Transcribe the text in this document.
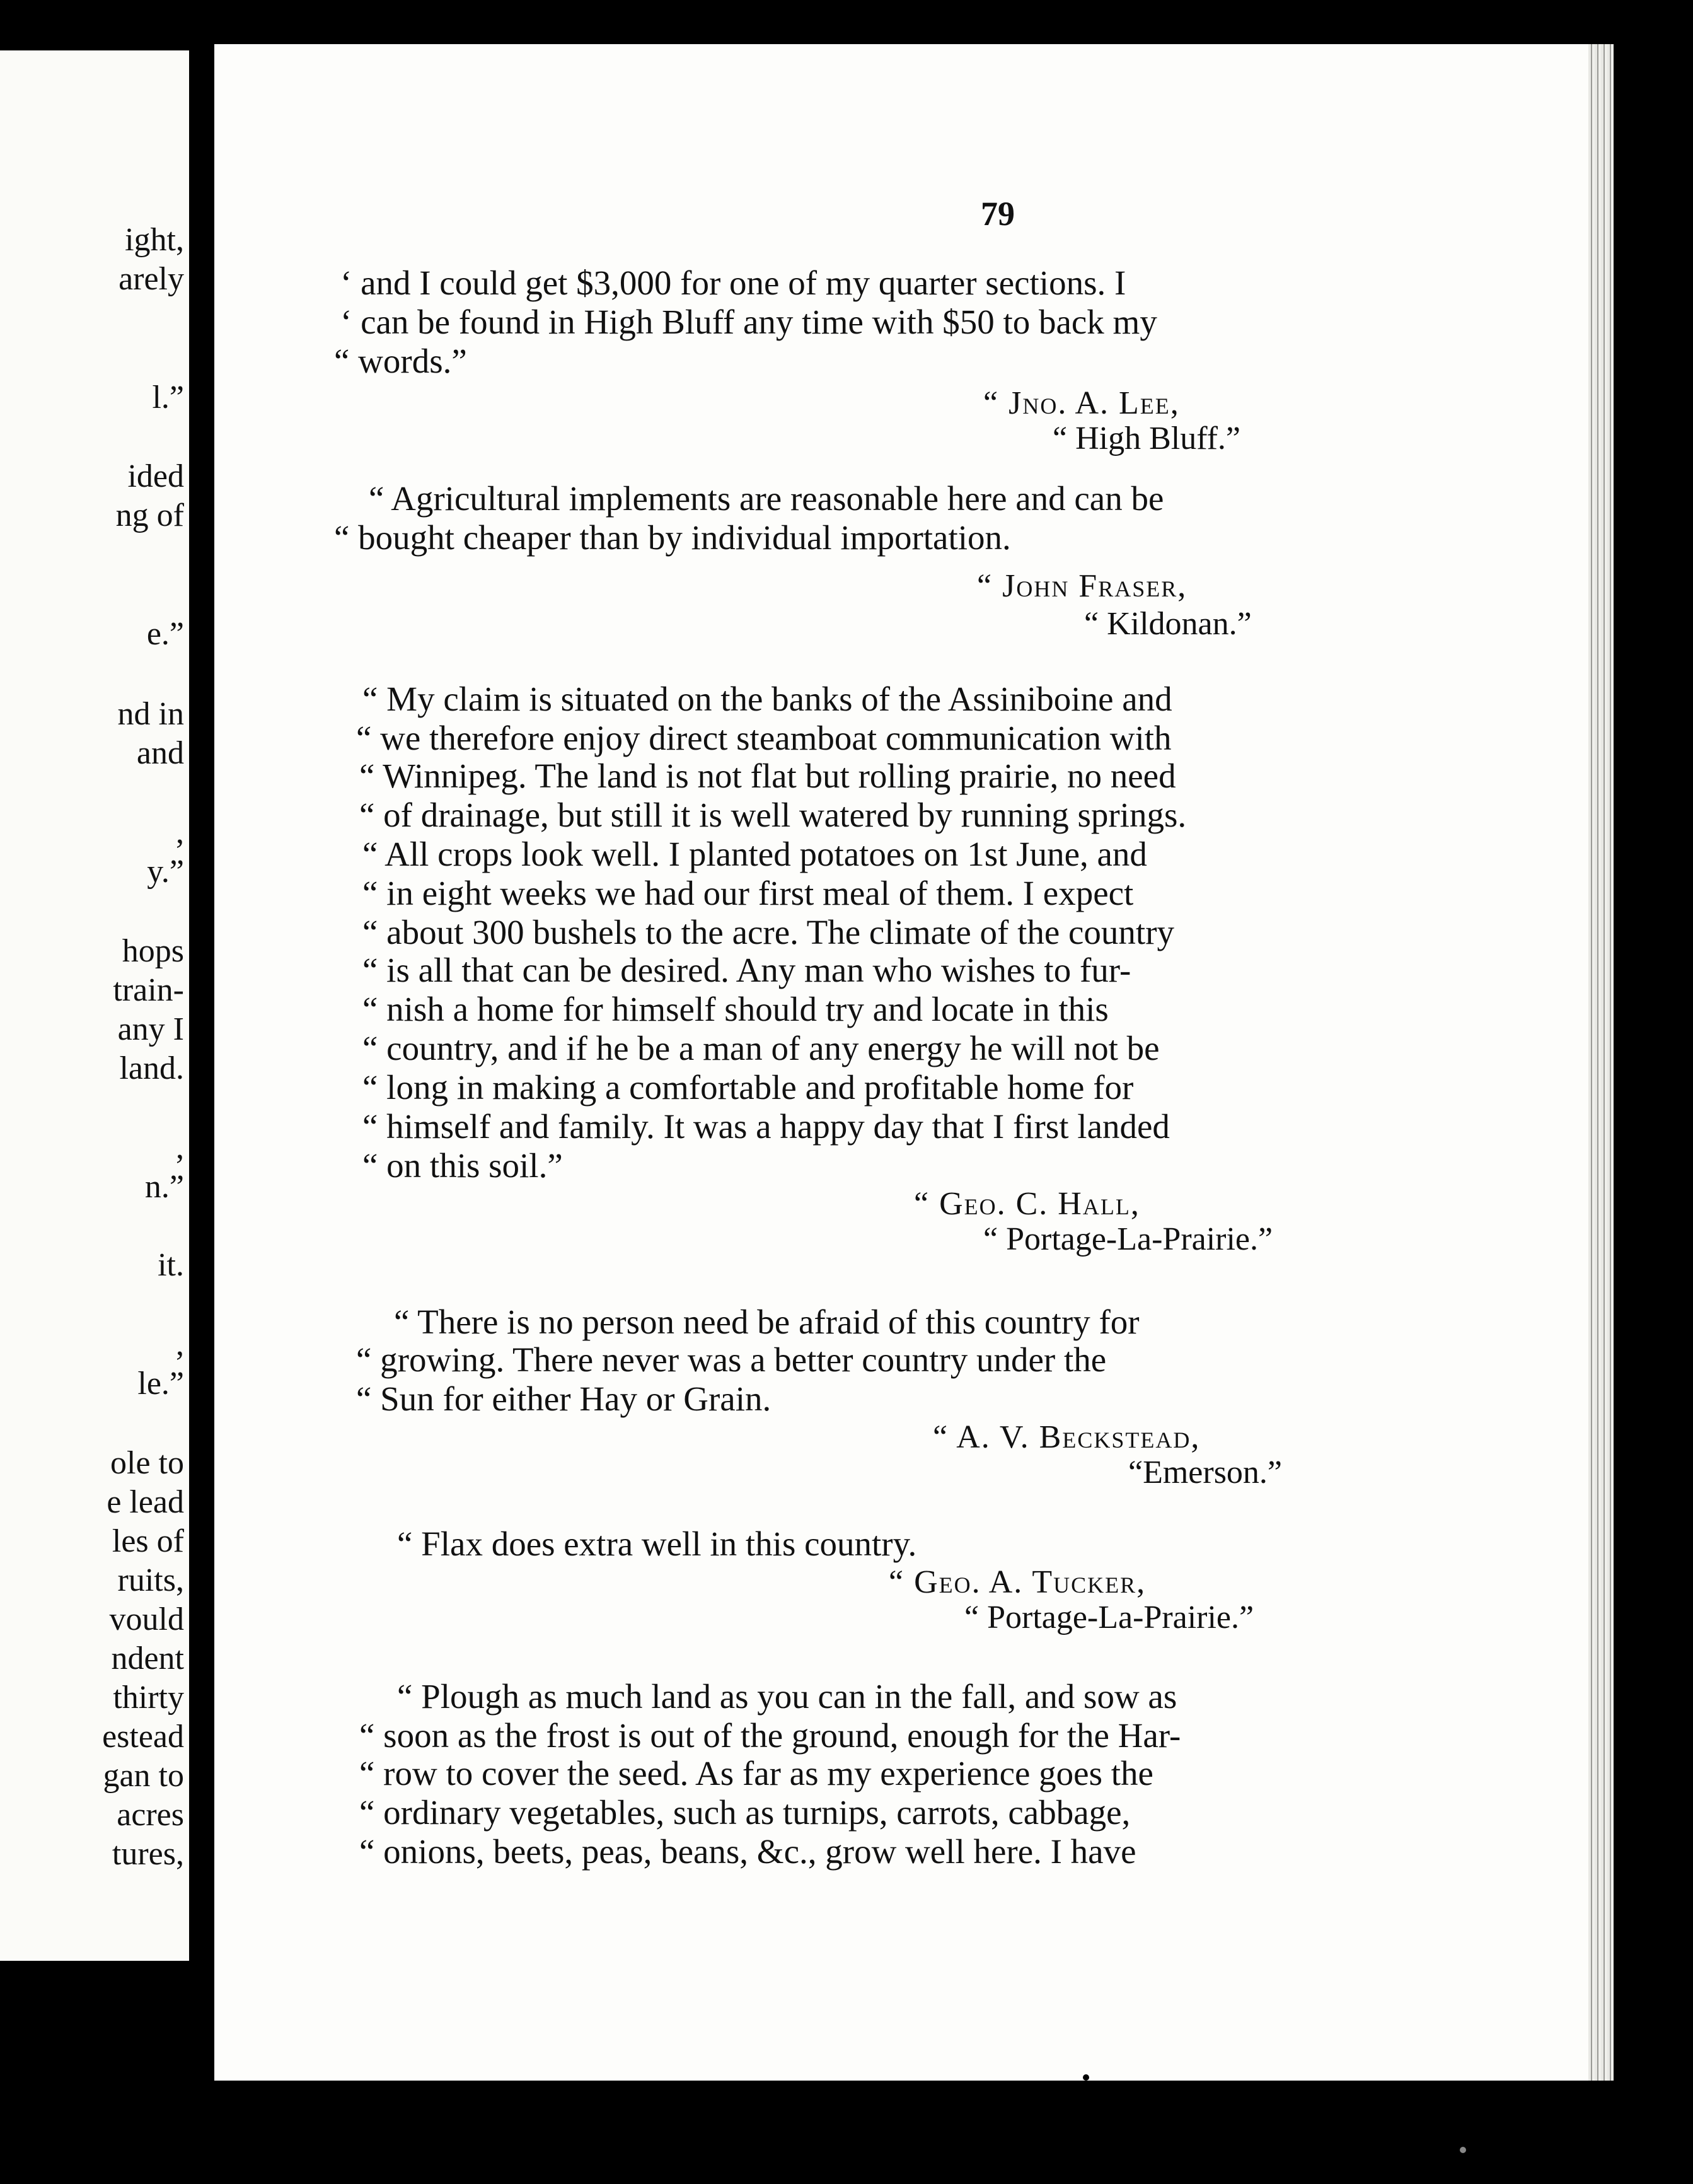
ight,
arely
l.”
ided
ng of
e.”
nd in
and
,
y.”
hops
train-
any I
land.
,
n.”
it.
,
le.”
ole to
e lead
les of
ruits,
vould
ndent
thirty
estead
gan to
acres
tures,
79
‘ and I could get $3,000 for one of my quarter sections. I
‘ can be found in High Bluff any time with $50 to back my
“ words.”
“ Agricultural implements are reasonable here and can be
“ bought cheaper than by individual importation.
“ My claim is situated on the banks of the Assiniboine and
“ we therefore enjoy direct steamboat communication with
“ Winnipeg. The land is not flat but rolling prairie, no need
“ of drainage, but still it is well watered by running springs.
“ All crops look well. I planted potatoes on 1st June, and
“ in eight weeks we had our first meal of them. I expect
“ about 300 bushels to the acre. The climate of the country
“ is all that can be desired. Any man who wishes to fur-
“ nish a home for himself should try and locate in this
“ country, and if he be a man of any energy he will not be
“ long in making a comfortable and profitable home for
“ himself and family. It was a happy day that I first landed
“ on this soil.”
“ There is no person need be afraid of this country for
“ growing. There never was a better country under the
“ Sun for either Hay or Grain.
“ Flax does extra well in this country.
“ Plough as much land as you can in the fall, and sow as
“ soon as the frost is out of the ground, enough for the Har-
“ row to cover the seed. As far as my experience goes the
“ ordinary vegetables, such as turnips, carrots, cabbage,
“ onions, beets, peas, beans, &c., grow well here. I have
“ Jno. A. Lee,
“ High Bluff.”
“ John Fraser,
“ Kildonan.”
“ Geo. C. Hall,
“ Portage-La-Prairie.”
“ A. V. Beckstead,
“Emerson.”
“ Geo. A. Tucker,
“ Portage-La-Prairie.”
